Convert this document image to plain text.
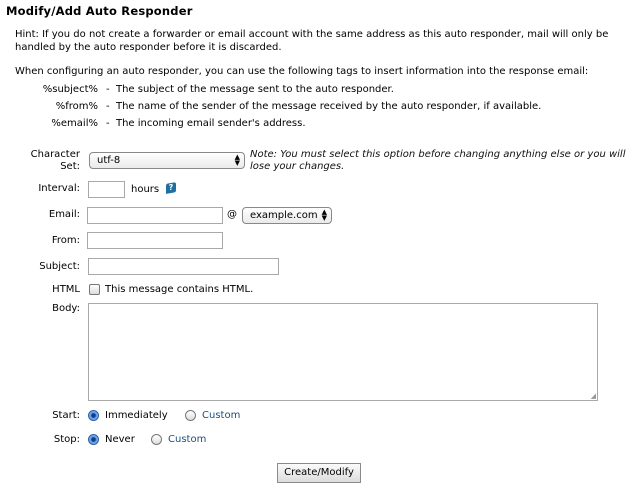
Modify/Add Auto Responder
Hint: If you do not create a forwarder or email account with the same address as this auto responder, mail will only be
handled by the auto responder before it is discarded.
When configuring an auto responder, you can use the following tags to insert information into the response email:
%subject% - The subject of the message sent to the auto responder.
%from% - The name of the sender of the message received by the auto responder, if available.
%email% - The incoming email sender's address.
Character
Set:
utf-8	▲
▼
Note: You must select this option before changing anything else or you will
lose your changes.
Interval:	hours	?
Email:	@	example.com ▲
▼
From:
Subject:
HTML	This message contains HTML.
Body:
◢
Start:	Immediately	Custom
Stop:	Never	Custom
Create/Modify
